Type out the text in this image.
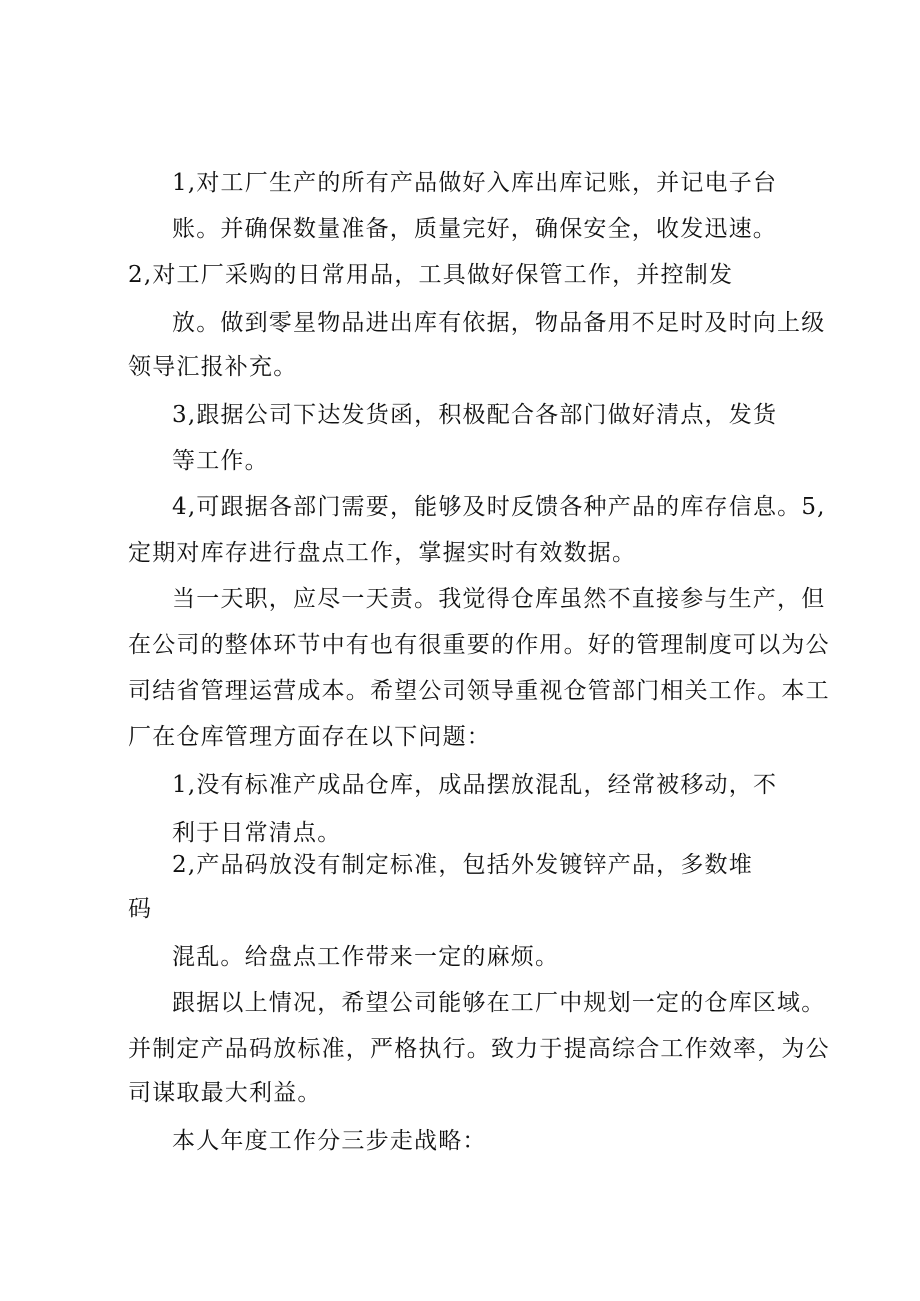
1,对工厂生产的所有产品做好入库出库记账，并记电子台
账。并确保数量准备，质量完好，确保安全，收发迅速。
2,对工厂采购的日常用品，工具做好保管工作，并控制发
放。做到零星物品进出库有依据，物品备用不足时及时向上级
领导汇报补充。
3,跟据公司下达发货函，积极配合各部门做好清点，发货
等工作。
4,可跟据各部门需要，能够及时反馈各种产品的库存信息。5,
定期对库存进行盘点工作，掌握实时有效数据。
当一天职，应尽一天责。我觉得仓库虽然不直接参与生产，但
在公司的整体环节中有也有很重要的作用。好的管理制度可以为公
司结省管理运营成本。希望公司领导重视仓管部门相关工作。本工
厂在仓库管理方面存在以下问题：
1,没有标准产成品仓库，成品摆放混乱，经常被移动，不
利于日常清点。
2,产品码放没有制定标准，包括外发镀锌产品，多数堆
码
混乱。给盘点工作带来一定的麻烦。
跟据以上情况，希望公司能够在工厂中规划一定的仓库区域。
并制定产品码放标准，严格执行。致力于提高综合工作效率，为公
司谋取最大利益。
本人年度工作分三步走战略：
